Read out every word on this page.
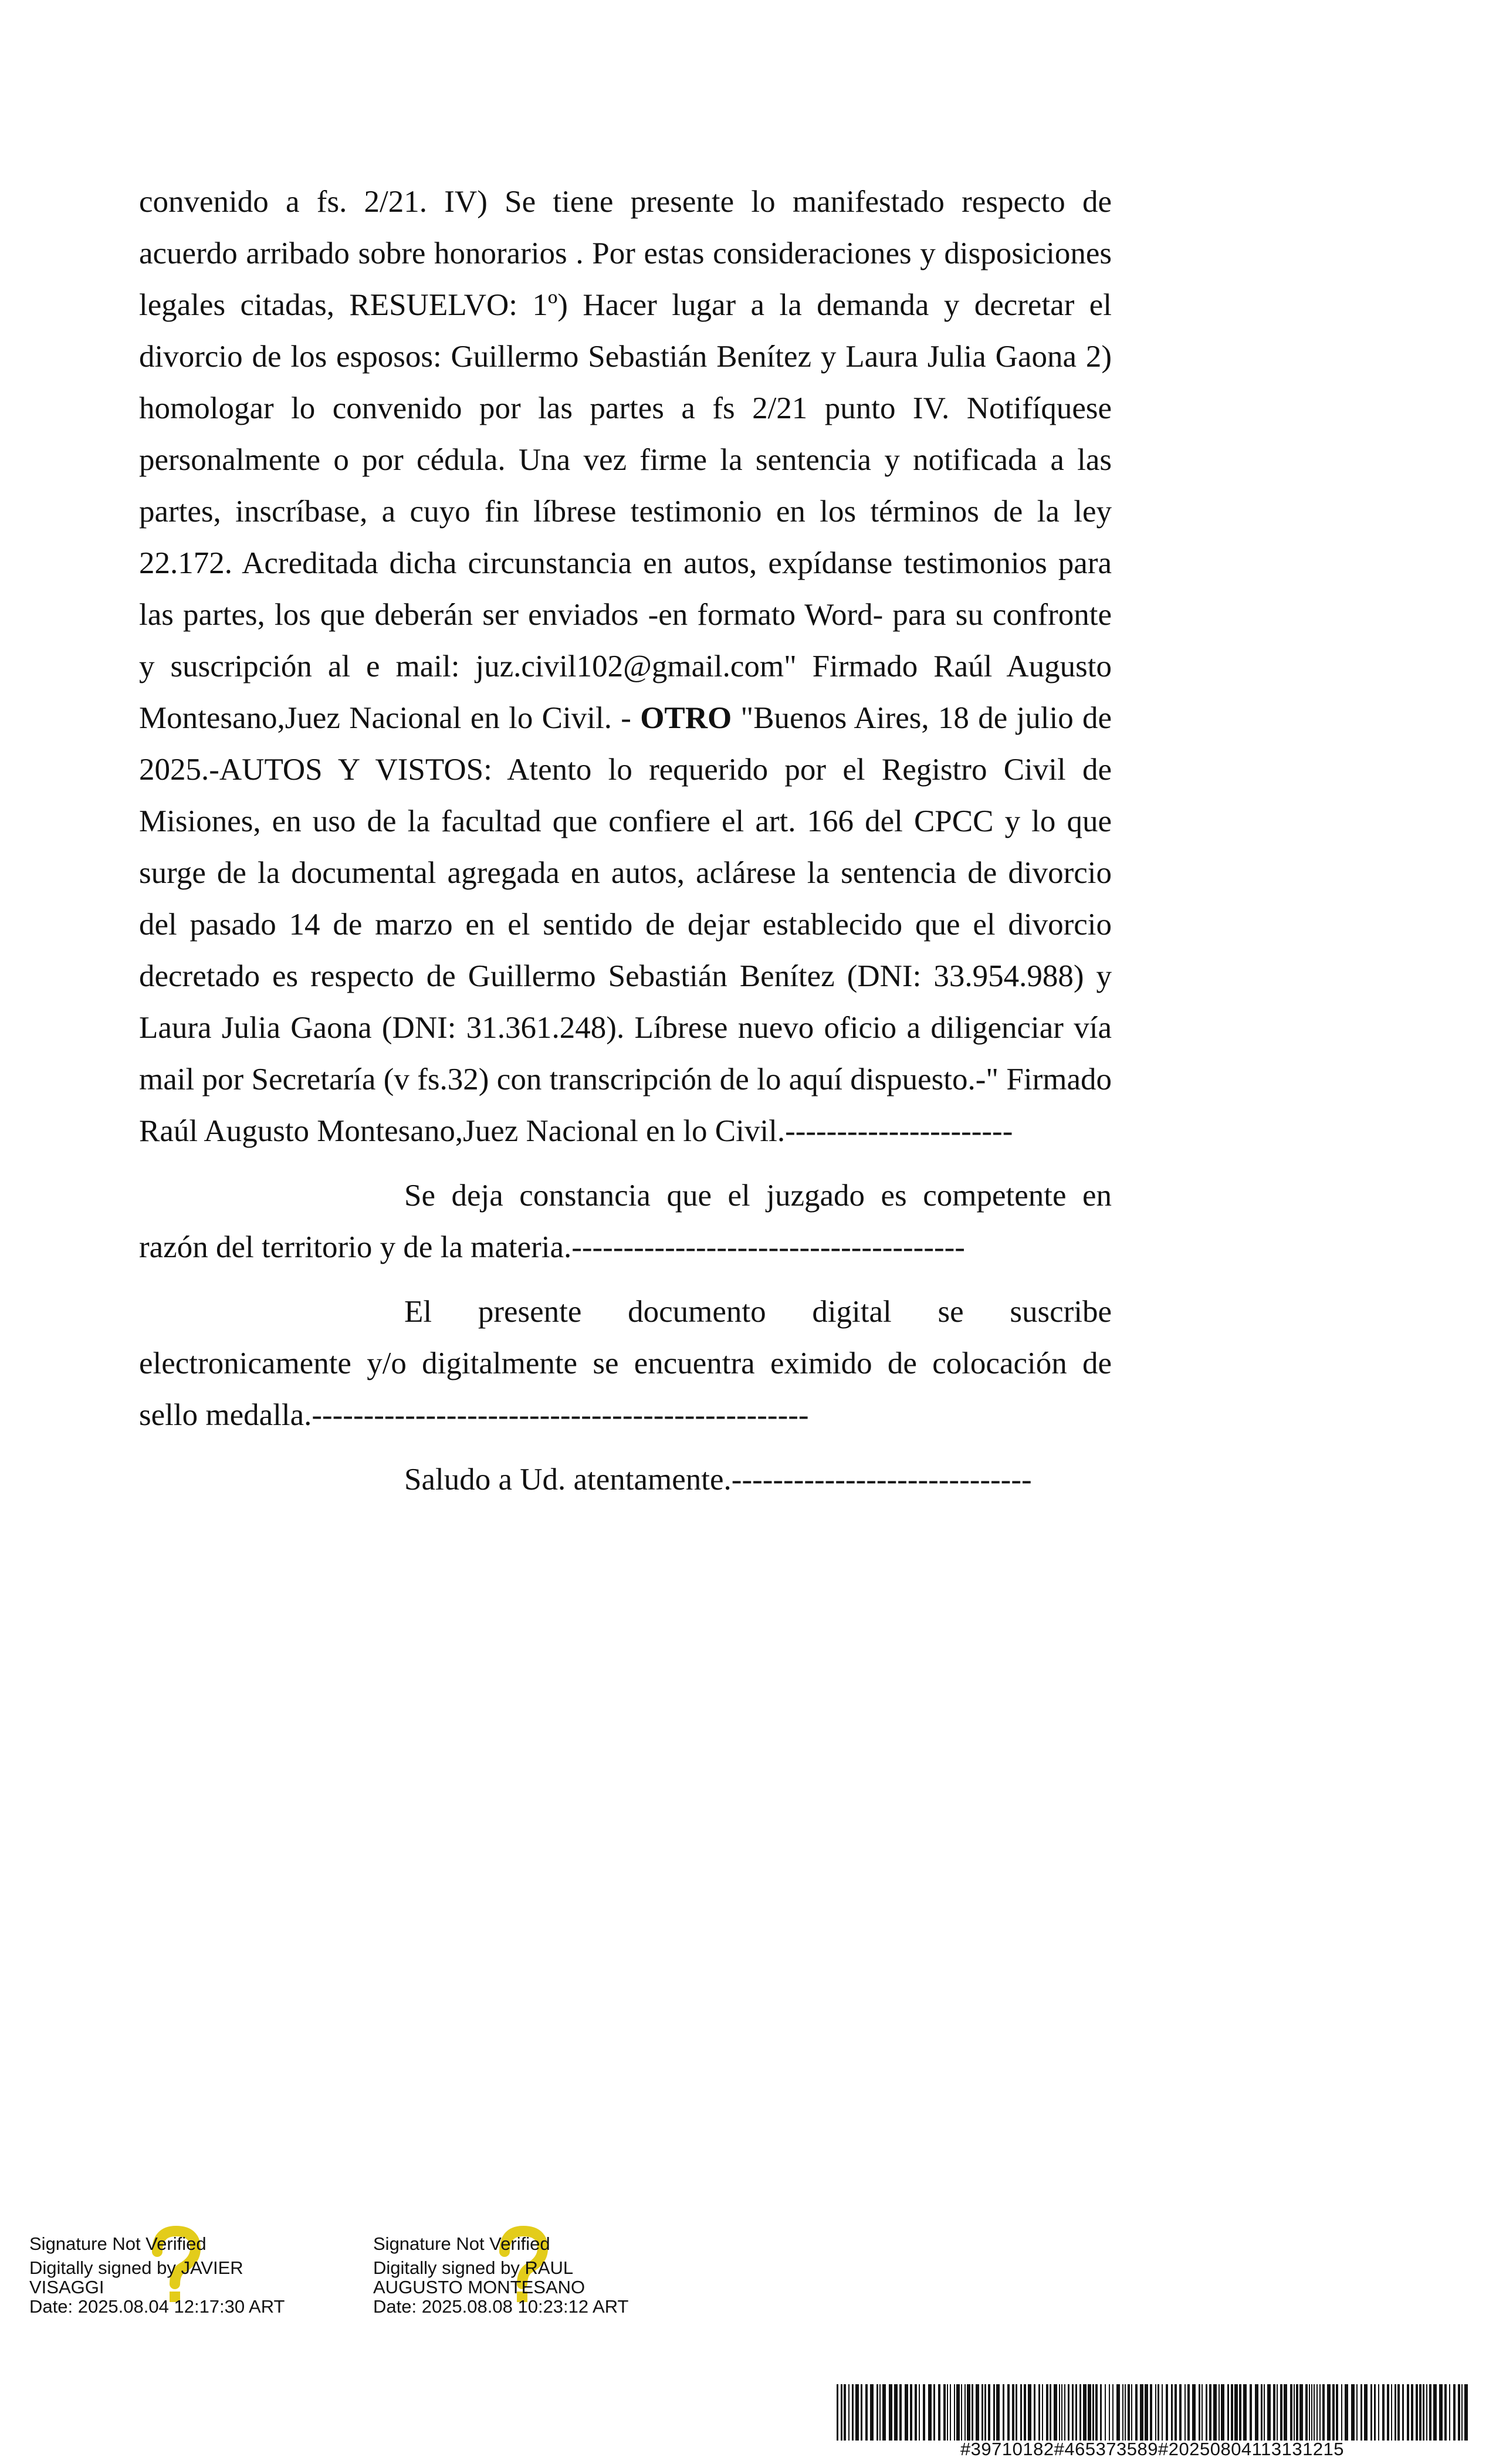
convenido a fs. 2/21. IV) Se tiene presente lo manifestado respecto de acuerdo arribado sobre honorarios . Por estas consideraciones y disposiciones legales citadas, RESUELVO: 1º) Hacer lugar a la demanda y decretar el divorcio de los esposos: Guillermo Sebastián Benítez y Laura Julia Gaona 2) homologar lo convenido por las partes a fs 2/21 punto IV. Notifíquese personalmente o por cédula. Una vez firme la sentencia y notificada a las partes, inscríbase, a cuyo fin líbrese testimonio en los términos de la ley 22.172. Acreditada dicha circunstancia en autos, expídanse testimonios para las partes, los que deberán ser enviados -en formato Word- para su confronte y suscripción al e mail: juz.civil102@gmail.com" Firmado Raúl Augusto Montesano,Juez Nacional en lo Civil. - OTRO "Buenos Aires, 18 de julio de 2025.-AUTOS Y VISTOS: Atento lo requerido por el Registro Civil de Misiones, en uso de la facultad que confiere el art. 166 del CPCC y lo que surge de la documental agregada en autos, aclárese la sentencia de divorcio del pasado 14 de marzo en el sentido de dejar establecido que el divorcio decretado es respecto de Guillermo Sebastián Benítez (DNI: 33.954.988) y Laura Julia Gaona (DNI: 31.361.248). Líbrese nuevo oficio a diligenciar vía mail por Secretaría (v fs.32) con transcripción de lo aquí dispuesto.-" Firmado Raúl Augusto Montesano,Juez Nacional en lo Civil.----------------------

Se deja constancia que el juzgado es competente en razón del territorio y de la materia.--------------------------------------

El presente documento digital se suscribe electronicamente y/o digitalmente se encuentra eximido de colocación de sello medalla.------------------------------------------------

Saludo a Ud. atentamente.-----------------------------

Signature Not Verified
Digitally signed by JAVIER
VISAGGI
Date: 2025.08.04 12:17:30 ART
Signature Not Verified
Digitally signed by RAUL
AUGUSTO MONTESANO
Date: 2025.08.08 10:23:12 ART
#39710182#465373589#20250804113131215
